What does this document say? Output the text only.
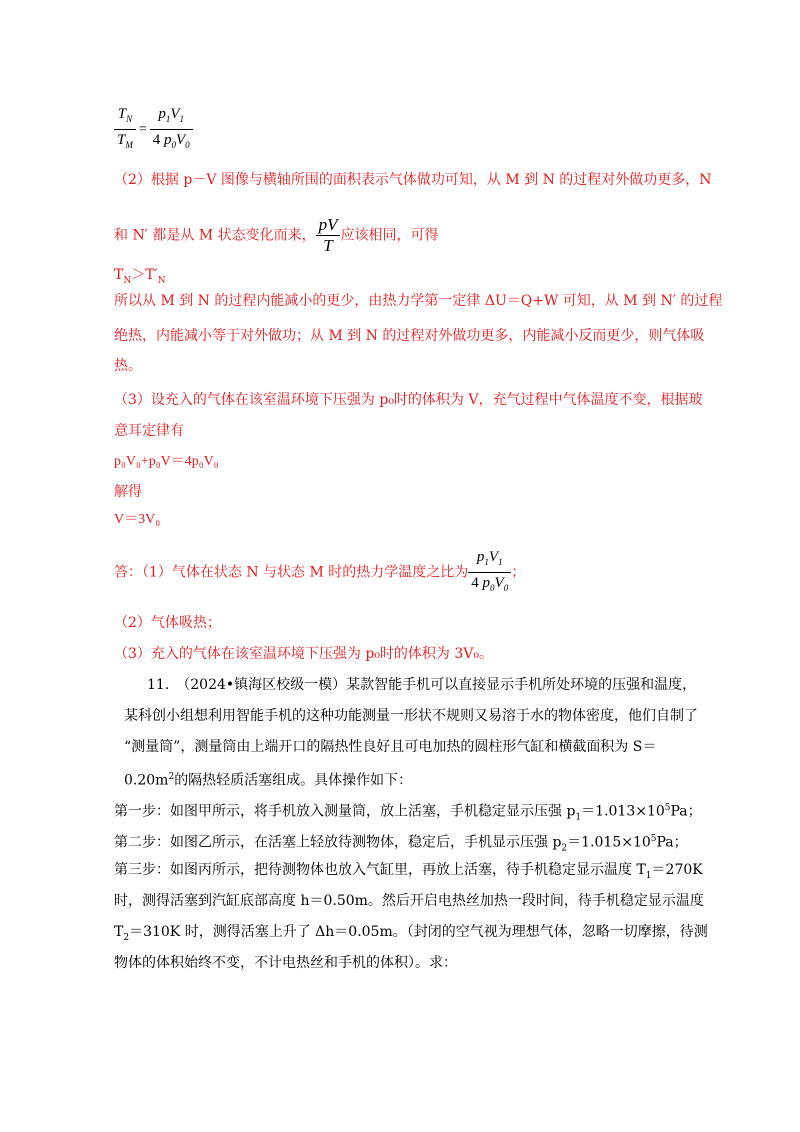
$\frac{T_N}{T_M} = \frac{p_1V_1}{4 p_0V_0}$
（2）根据 p－V 图像与横轴所围的面积表示气体做功可知，从 M 到 N 的过程对外做功更多，N
和 N′ 都是从 M 状态变化而来， $\frac{pV}{T}$ 应该相同，可得
$T_N>T'_N$
所以从 M 到 N 的过程内能减小的更少，由热力学第一定律 ΔU＝Q+W 可知，从 M 到 N′ 的过程
绝热，内能减小等于对外做功；从 M 到 N 的过程对外做功更多，内能减小反而更少，则气体吸
热。
（3）设充入的气体在该室温环境下压强为 p₀时的体积为 V，充气过程中气体温度不变，根据玻
意耳定律有
p₀V₀+p₀V＝4p₀V₀
解得
V＝3V₀
答：（1）气体在状态 N 与状态 M 时的热力学温度之比为 $\frac{p_1V_1}{4 p_0V_0}$ ；
（2）气体吸热；
（3）充入的气体在该室温环境下压强为 p₀时的体积为 3V₀。
11.　（2024•镇海区校级一模）某款智能手机可以直接显示手机所处环境的压强和温度，
某科创小组想利用智能手机的这种功能测量一形状不规则又易溶于水的物体密度，他们自制了
“测量筒”，测量筒由上端开口的隔热性良好且可电加热的圆柱形气缸和横截面积为 S＝
$0.20m^2$的隔热轻质活塞组成。具体操作如下：
第一步：如图甲所示，将手机放入测量筒，放上活塞，手机稳定显示压强 $p_1=1.013\times 10^5Pa$；
第二步：如图乙所示，在活塞上轻放待测物体，稳定后，手机显示压强 $p_2=1.015\times 10^5Pa$；
第三步：如图丙所示，把待测物体也放入气缸里，再放上活塞，待手机稳定显示温度 $T_1=270K$
时，测得活塞到汽缸底部高度 h＝0.50m。然后开启电热丝加热一段时间，待手机稳定显示温度
$T_2=310K$ 时，测得活塞上升了 Δh＝0.05m。（封闭的空气视为理想气体，忽略一切摩擦，待测
物体的体积始终不变，不计电热丝和手机的体积）。求：
